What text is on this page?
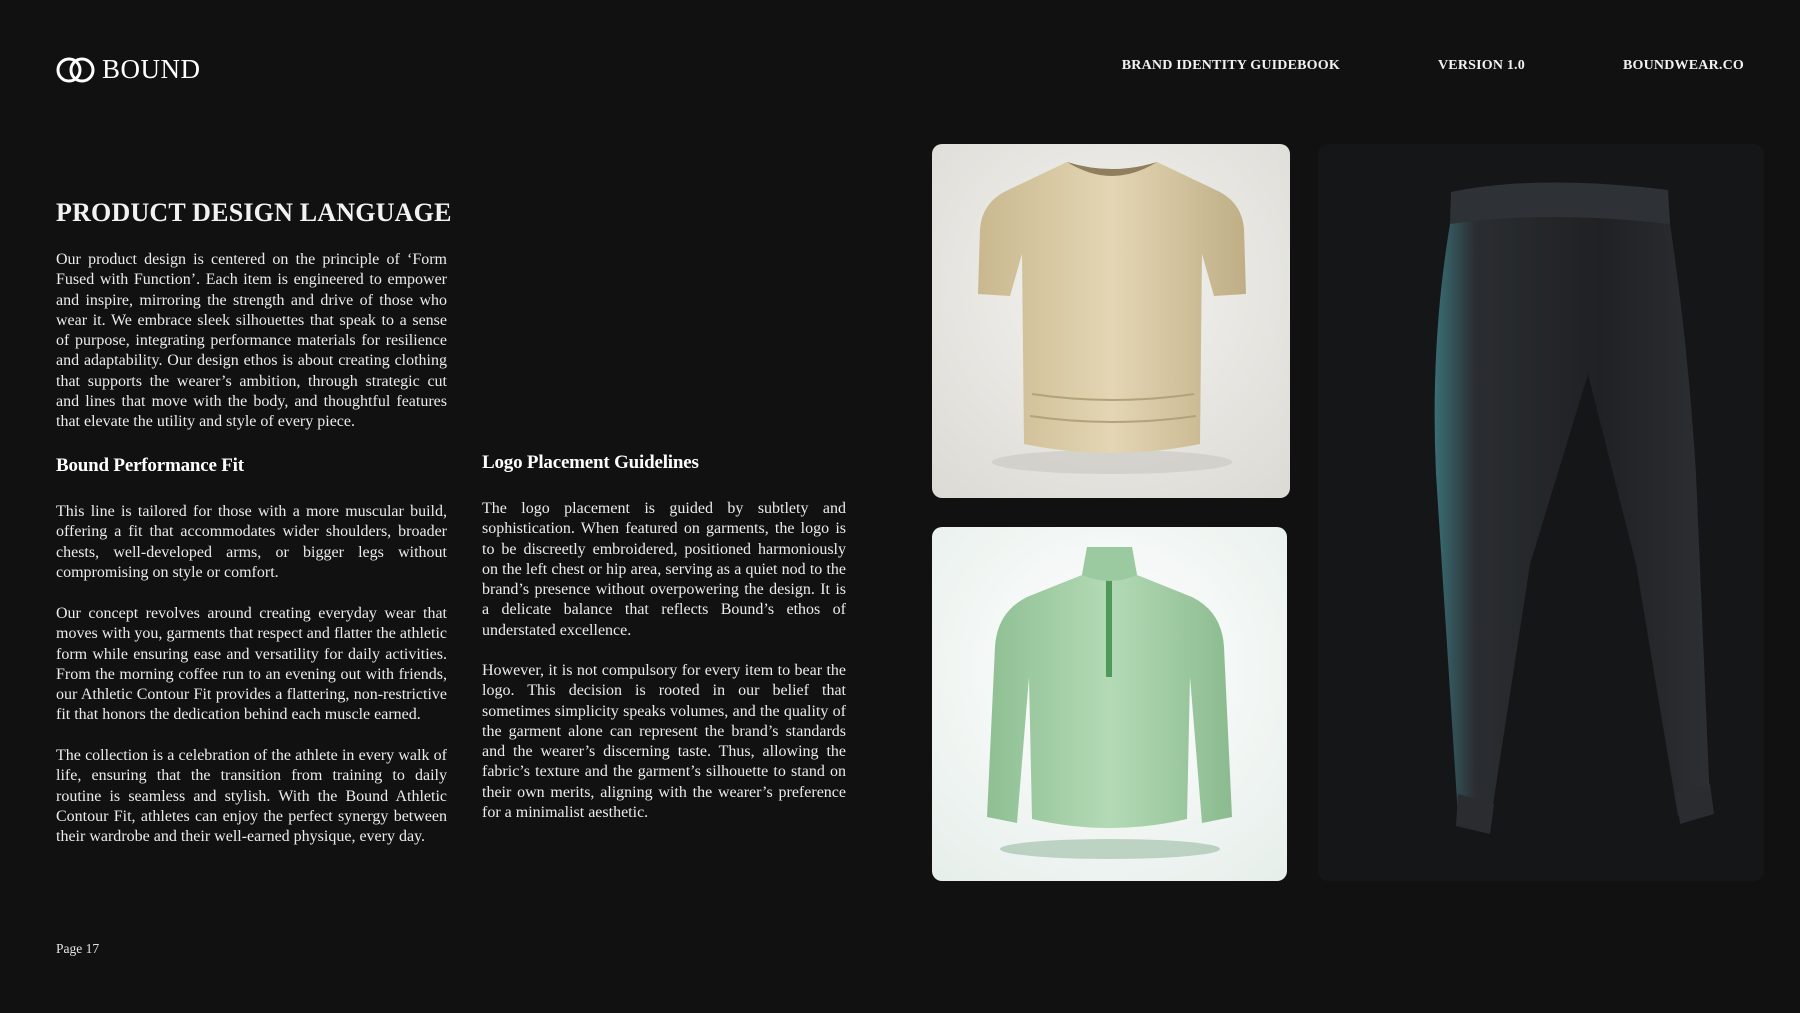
BOUND	BRAND IDENTITY GUIDEBOOK	VERSION 1.0	BOUNDWEAR.CO
PRODUCT DESIGN LANGUAGE

Our product design is centered on the principle of ‘Form Fused with Function’. Each item is engineered to empower and inspire, mirroring the strength and drive of those who wear it. We embrace sleek silhouettes that speak to a sense of purpose, integrating performance materials for resilience and adaptability. Our design ethos is about creating clothing that supports the wearer’s ambition, through strategic cut and lines that move with the body, and thoughtful features that elevate the utility and style of every piece.

Bound Performance Fit

This line is tailored for those with a more muscular build, offering a fit that accommodates wider shoulders, broader chests, well-developed arms, or bigger legs without compromising on style or comfort.

Our concept revolves around creating everyday wear that moves with you, garments that respect and flatter the athletic form while ensuring ease and versatility for daily activities. From the morning coffee run to an evening out with friends, our Athletic Contour Fit provides a flattering, non-restrictive fit that honors the dedication behind each muscle earned.

The collection is a celebration of the athlete in every walk of life, ensuring that the transition from training to daily routine is seamless and stylish. With the Bound Athletic Contour Fit, athletes can enjoy the perfect synergy between their wardrobe and their well-earned physique, every day.

Logo Placement Guidelines

The logo placement is guided by subtlety and sophistication. When featured on garments, the logo is to be discreetly embroidered, positioned harmoniously on the left chest or hip area, serving as a quiet nod to the brand’s presence without overpowering the design. It is a delicate balance that reflects Bound’s ethos of understated excellence.

However, it is not compulsory for every item to bear the logo. This decision is rooted in our belief that sometimes simplicity speaks volumes, and the quality of the garment alone can represent the brand’s standards and the wearer’s discerning taste. Thus, allowing the fabric’s texture and the garment’s silhouette to stand on their own merits, aligning with the wearer’s preference for a minimalist aesthetic.

Page 17
